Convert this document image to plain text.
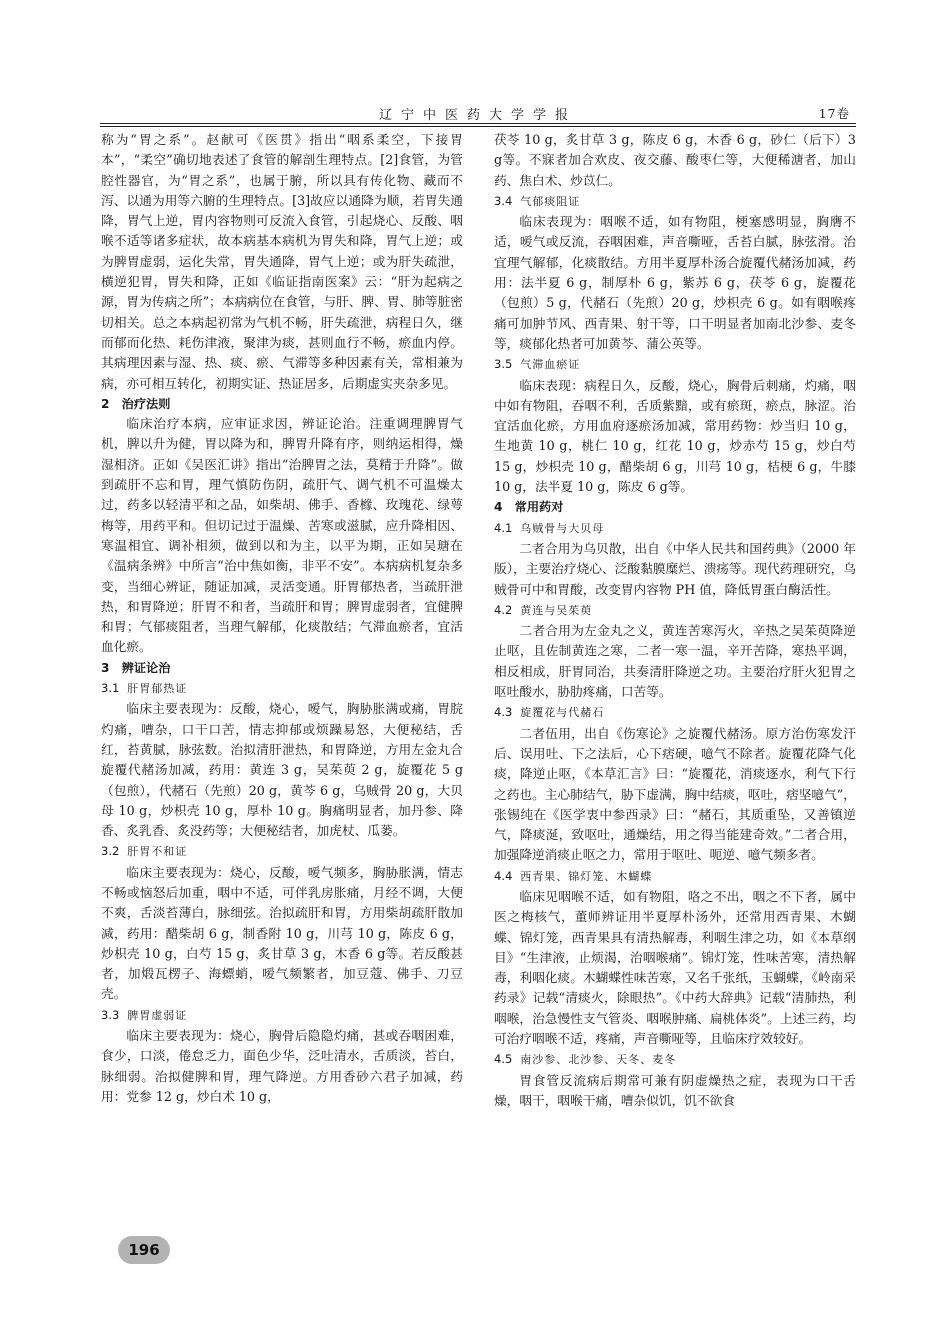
辽宁中医药大学学报	17卷

称为“胃之系”。赵献可《医贯》指出“咽系柔空，下接胃本”，“柔空”确切地表述了食管的解剖生理特点。[2]食管，为管腔性器官，为“胃之系”，也属于腑，所以具有传化物、藏而不泻、以通为用等六腑的生理特点。[3]故应以通降为顺，若胃失通降，胃气上逆，胃内容物则可反流入食管，引起烧心、反酸、咽喉不适等诸多症状，故本病基本病机为胃失和降，胃气上逆；或为脾胃虚弱，运化失常，胃失通降，胃气上逆；或为肝失疏泄，横逆犯胃，胃失和降，正如《临证指南医案》云：“肝为起病之源，胃为传病之所”；本病病位在食管，与肝、脾、胃、肺等脏密切相关。总之本病起初常为气机不畅，肝失疏泄，病程日久，继而郁而化热、耗伤津液，聚津为痰，甚则血行不畅，瘀血内停。其病理因素与湿、热、痰、瘀、气滞等多种因素有关，常相兼为病，亦可相互转化，初期实证、热证居多，后期虚实夹杂多见。

2　治疗法则

临床治疗本病，应审证求因，辨证论治。注重调理脾胃气机，脾以升为健，胃以降为和，脾胃升降有序，则纳运相得，燥湿相济。正如《吴医汇讲》指出“治脾胃之法，莫精于升降”。做到疏肝不忘和胃，理气慎防伤阴，疏肝气、调气机不可温燥太过，药多以轻清平和之品，如柴胡、佛手、香橼、玫瑰花、绿萼梅等，用药平和。但切记过于温燥、苦寒或滋腻，应升降相因、寒温相宜、调补相须，做到以和为主，以平为期，正如吴瑭在《温病条辨》中所言“治中焦如衡，非平不安”。本病病机复杂多变，当细心辨证，随证加减，灵活变通。肝胃郁热者，当疏肝泄热，和胃降逆；肝胃不和者，当疏肝和胃；脾胃虚弱者，宜健脾和胃；气郁痰阻者，当理气解郁，化痰散结；气滞血瘀者，宜活血化瘀。

3　辨证论治
3.1 肝胃郁热证

临床主要表现为：反酸，烧心，嗳气，胸胁胀满或痛，胃脘灼痛，嘈杂，口干口苦，情志抑郁或烦躁易怒，大便秘结，舌红，苔黄腻，脉弦数。治拟清肝泄热，和胃降逆，方用左金丸合旋覆代赭汤加减，药用：黄连 3 g，吴茱萸 2 g，旋覆花 5 g（包煎），代赭石（先煎）20 g，黄芩 6 g，乌贼骨 20 g，大贝母 10 g，炒枳壳 10 g，厚朴 10 g。胸痛明显者，加丹参、降香、炙乳香、炙没药等；大便秘结者，加虎杖、瓜蒌。

3.2 肝胃不和证

临床主要表现为：烧心，反酸，嗳气频多，胸胁胀满，情志不畅或恼怒后加重，咽中不适，可伴乳房胀痛，月经不调，大便不爽，舌淡苔薄白，脉细弦。治拟疏肝和胃，方用柴胡疏肝散加减，药用：醋柴胡 6 g，制香附 10 g，川芎 10 g，陈皮 6 g，炒枳壳 10 g，白芍 15 g，炙甘草 3 g，木香 6 g等。若反酸甚者，加煅瓦楞子、海螵蛸，嗳气频繁者，加豆蔻、佛手、刀豆壳。

3.3 脾胃虚弱证

临床主要表现为：烧心，胸骨后隐隐灼痛，甚或吞咽困难，食少，口淡，倦怠乏力，面色少华，泛吐清水，舌质淡，苔白，脉细弱。治拟健脾和胃，理气降逆。方用香砂六君子加减，药用：党参 12 g，炒白术 10 g，

茯苓 10 g，炙甘草 3 g，陈皮 6 g，木香 6 g，砂仁（后下）3 g等。不寐者加合欢皮、夜交藤、酸枣仁等，大便稀溏者，加山药、焦白术、炒苡仁。

3.4 气郁痰阻证

临床表现为：咽喉不适，如有物阻，梗塞感明显，胸膺不适，嗳气或反流，吞咽困难，声音嘶哑，舌苔白腻，脉弦滑。治宜理气解郁，化痰散结。方用半夏厚朴汤合旋覆代赭汤加减，药用：法半夏 6 g，制厚朴 6 g，紫苏 6 g，茯苓 6 g，旋覆花（包煎）5 g，代赭石（先煎）20 g，炒枳壳 6 g。如有咽喉疼痛可加肿节风、西青果、射干等，口干明显者加南北沙参、麦冬等，痰郁化热者可加黄芩、蒲公英等。

3.5 气滞血瘀证

临床表现：病程日久，反酸，烧心，胸骨后刺痛，灼痛，咽中如有物阻，吞咽不利，舌质紫黯，或有瘀斑，瘀点，脉涩。治宜活血化瘀，方用血府逐瘀汤加减，常用药物：炒当归 10 g，生地黄 10 g，桃仁 10 g，红花 10 g，炒赤芍 15 g，炒白芍 15 g，炒枳壳 10 g，醋柴胡 6 g，川芎 10 g，桔梗 6 g，牛膝 10 g，法半夏 10 g，陈皮 6 g等。

4　常用药对
4.1 乌贼骨与大贝母

二者合用为乌贝散，出自《中华人民共和国药典》（2000 年版），主要治疗烧心、泛酸黏膜糜烂、溃疡等。现代药理研究，乌贼骨可中和胃酸，改变胃内容物 PH 值，降低胃蛋白酶活性。

4.2 黄连与吴茱萸

二者合用为左金丸之义，黄连苦寒泻火，辛热之吴茱萸降逆止呕，且佐制黄连之寒，二者一寒一温，辛开苦降，寒热平调，相反相成，肝胃同治，共奏清肝降逆之功。主要治疗肝火犯胃之呕吐酸水，胁肋疼痛，口苦等。

4.3 旋覆花与代赭石

二者伍用，出自《伤寒论》之旋覆代赭汤。原方治伤寒发汗后、误用吐、下之法后，心下痞硬，噫气不除者。旋覆花降气化痰，降逆止呕，《本草汇言》曰：“旋覆花，消痰逐水，利气下行之药也。主心肺结气，胁下虚满，胸中结痰，呕吐，痞坚噫气”，张锡纯在《医学衷中参西录》曰：“赭石，其质重坠，又善镇逆气，降痰涎，致呕吐，通燥结，用之得当能建奇效。”二者合用，加强降逆消痰止呕之力，常用于呕吐、呃逆、噫气频多者。

4.4 西青果、锦灯笼、木蝴蝶

临床见咽喉不适，如有物阻，咯之不出，咽之不下者，属中医之梅核气，董师辨证用半夏厚朴汤外，还常用西青果、木蝴蝶、锦灯笼，西青果具有清热解毒，利咽生津之功，如《本草纲目》“生津液，止烦渴，治咽喉痛”。锦灯笼，性味苦寒，清热解毒，利咽化痰。木蝴蝶性味苦寒，又名千张纸，玉蝴蝶，《岭南采药录》记载“清痰火，除眼热”。《中药大辞典》记载“清肺热，利咽喉，治急慢性支气管炎、咽喉肿痛、扁桃体炎”。上述三药，均可治疗咽喉不适，疼痛，声音嘶哑等，且临床疗效较好。

4.5 南沙参、北沙参、天冬、麦冬

胃食管反流病后期常可兼有阴虚燥热之症，表现为口干舌燥，咽干，咽喉干痛，嘈杂似饥，饥不欲食

196
